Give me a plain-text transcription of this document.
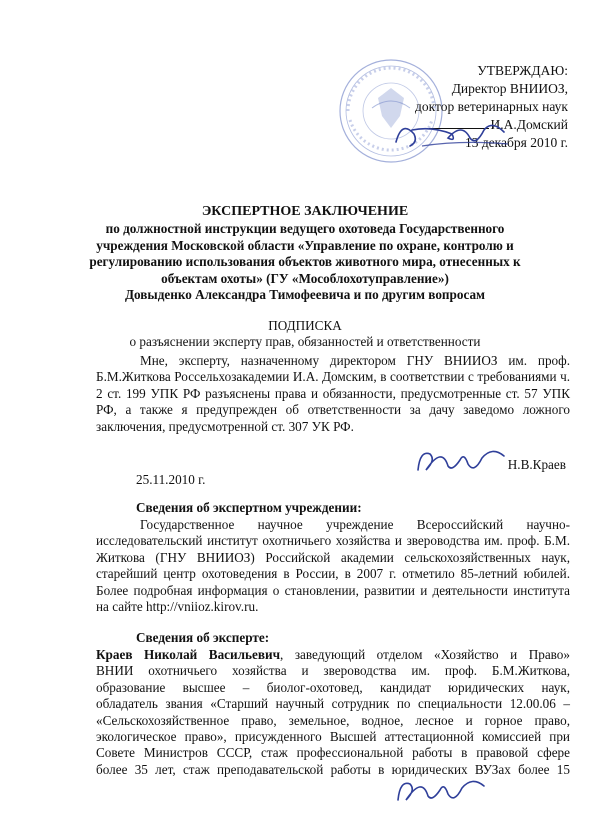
УТВЕРЖДАЮ:
Директор ВНИИОЗ,
доктор ветеринарных наук
И.А.Домский
13 декабря 2010 г.
ЭКСПЕРТНОЕ ЗАКЛЮЧЕНИЕ
по должностной инструкции ведущего охотоведа Государственного
учреждения Московской области «Управление по охране, контролю и
регулированию использования объектов животного мира, отнесенных к
объектам охоты» (ГУ «Мособлохотуправление»)
Довыденко Александра Тимофеевича и по другим вопросам
ПОДПИСКА
о разъяснении эксперту прав, обязанностей и ответственности

Мне, эксперту, назначенному директором ГНУ ВНИИОЗ им. проф. Б.М.Житкова Россельхозакадемии И.А. Домским, в соответствии с требованиями ч. 2 ст. 199 УПК РФ разъяснены права и обязанности, предусмотренные ст. 57 УПК РФ, а также я предупрежден об ответственности за дачу заведомо ложного заключения, предусмотренной ст. 307 УК РФ.

Н.В.Краев
25.11.2010 г.
Сведения об экспертном учреждении:

Государственное научное учреждение Всероссийский научно-исследовательский институт охотничьего хозяйства и звероводства им. проф. Б.М. Житкова (ГНУ ВНИИОЗ) Российской академии сельскохозяйственных наук, старейший центр охотоведения в России, в 2007 г. отметило 85-летний юбилей. Более подробная информация о становлении, развитии и деятельности института на сайте http://vniioz.kirov.ru.

Сведения об эксперте:

Краев Николай Васильевич, заведующий отделом «Хозяйство и Право»

ВНИИ охотничьего хозяйства и звероводства им. проф. Б.М.Житкова,

образование высшее – биолог-охотовед, кандидат юридических наук,

обладатель звания «Старший научный сотрудник по специальности 12.00.06 –

«Сельскохозяйственное право, земельное, водное, лесное и горное право,

экологическое право», присужденного Высшей аттестационной комиссией при

Совете Министров СССР, стаж профессиональной работы в правовой сфере

более 35 лет, стаж преподавательской работы в юридических ВУЗах более 15
